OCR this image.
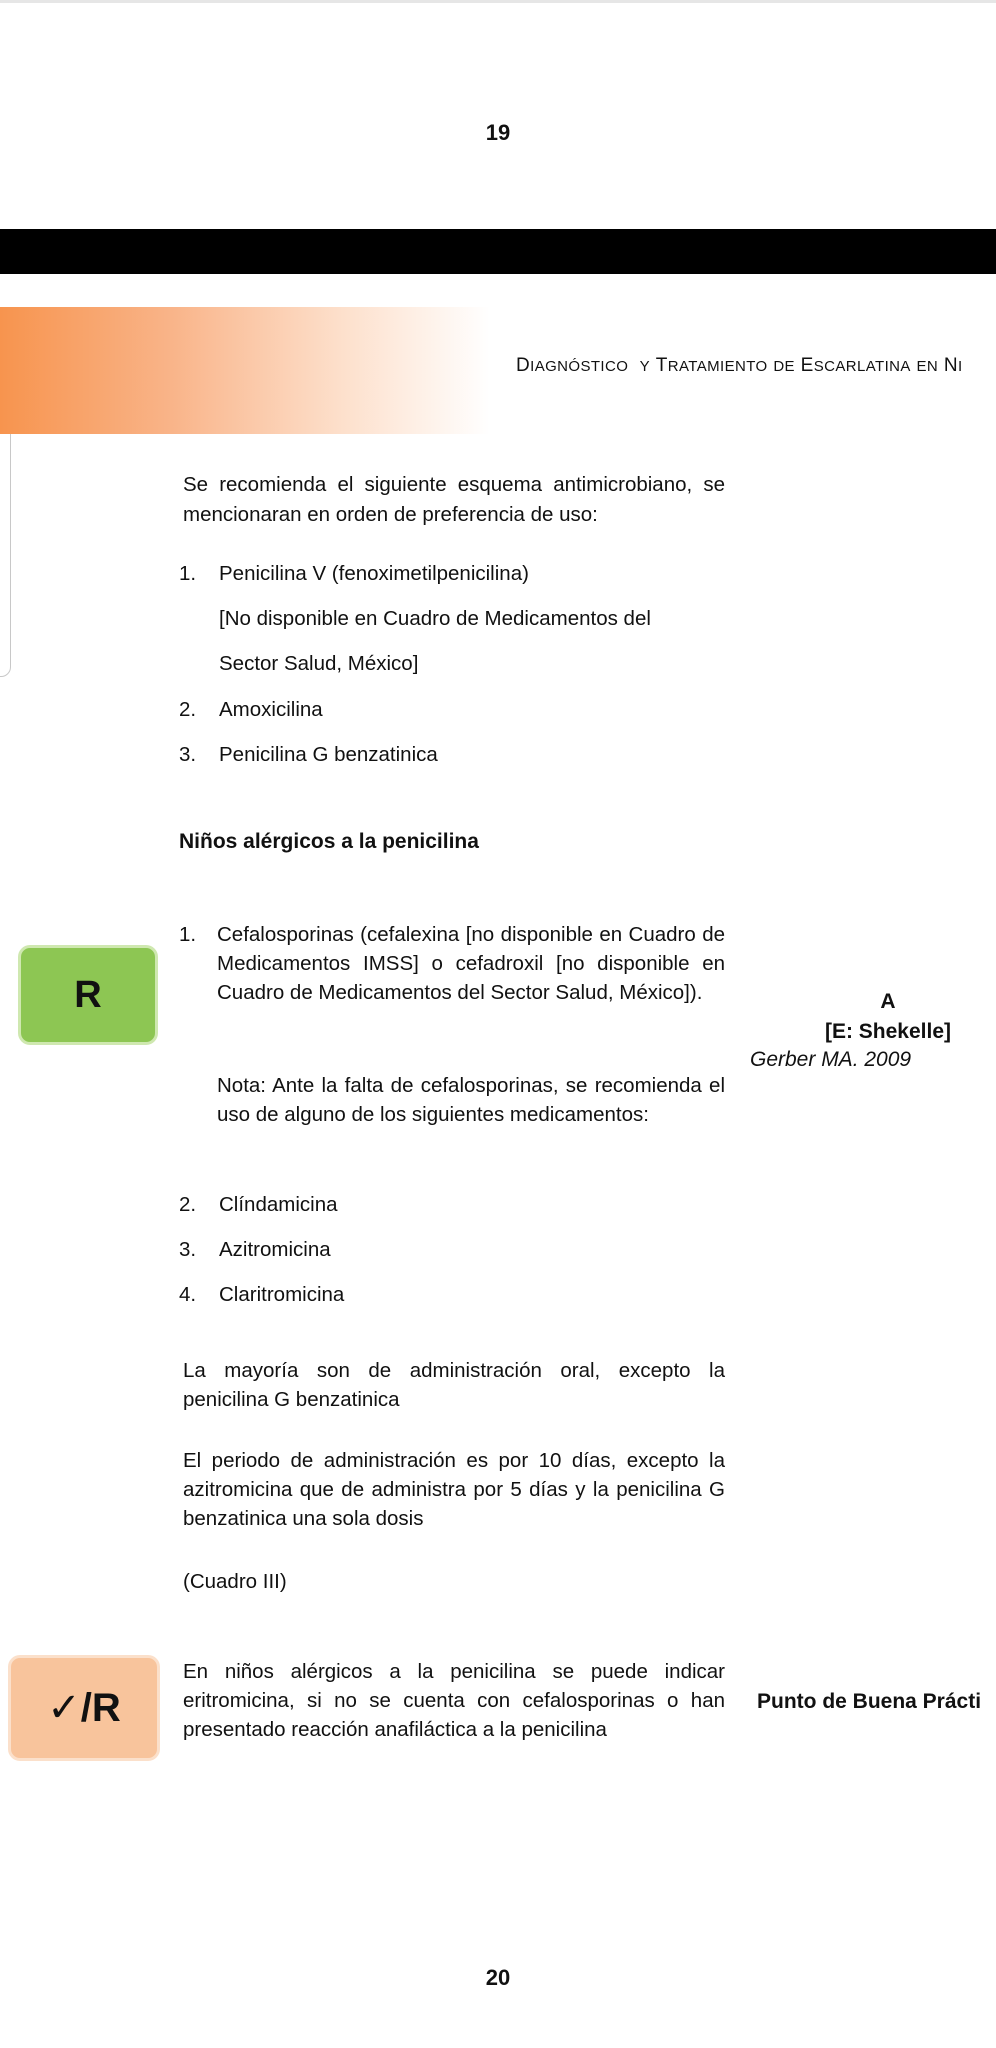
19
DIAGNÓSTICO Y TRATAMIENTO DE ESCARLATINA EN NI
Se recomienda el siguiente esquema antimicrobiano, se mencionaran en orden de preferencia de uso:
1. Penicilina V (fenoximetilpenicilina)
[No disponible en Cuadro de Medicamentos del
Sector Salud, México]
2. Amoxicilina
3. Penicilina G benzatinica
Niños alérgicos a la penicilina
R
1.	Cefalosporinas (cefalexina [no disponible en Cuadro de Medicamentos IMSS] o cefadroxil [no disponible en Cuadro de Medicamentos del Sector Salud, México]).
Nota: Ante la falta de cefalosporinas, se recomienda el uso de alguno de los siguientes medicamentos:
2. Clíndamicina
3. Azitromicina
4. Claritromicina
La mayoría son de administración oral, excepto la penicilina G benzatinica
El periodo de administración es por 10 días, excepto la azitromicina que de administra por 5 días y la penicilina G benzatinica una sola dosis
(Cuadro III)
A
[E: Shekelle]
Gerber MA. 2009
✓/R
En niños alérgicos a la penicilina se puede indicar eritromicina, si no se cuenta con cefalosporinas o han presentado reacción anafiláctica a la penicilina
Punto de Buena Prácti
20
